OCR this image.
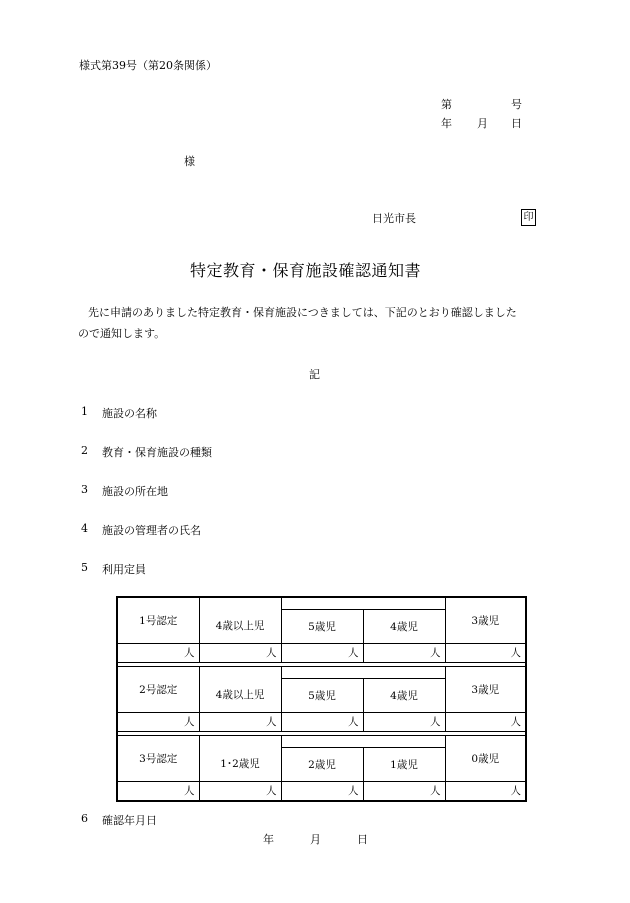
様式第39号（第20条関係）
第	号
年 月 日
様
日光市長	印
特定教育・保育施設確認通知書
先に申請のありました特定教育・保育施設につきましては、下記のとおり確認しました
ので通知します。
記
1 施設の名称
2 教育・保育施設の種類
3 施設の所在地
4 施設の管理者の氏名
5 利用定員
1号認定				3歳児
	4歳以上児	5歳児	4歳児	

人	人	人	人	人

2号認定				3歳児
	4歳以上児	5歳児	4歳児	

人	人	人	人	人

3号認定				0歳児
	1･2歳児	2歳児	1歳児	

人	人	人	人	人
6 確認年月日
年	月	日
